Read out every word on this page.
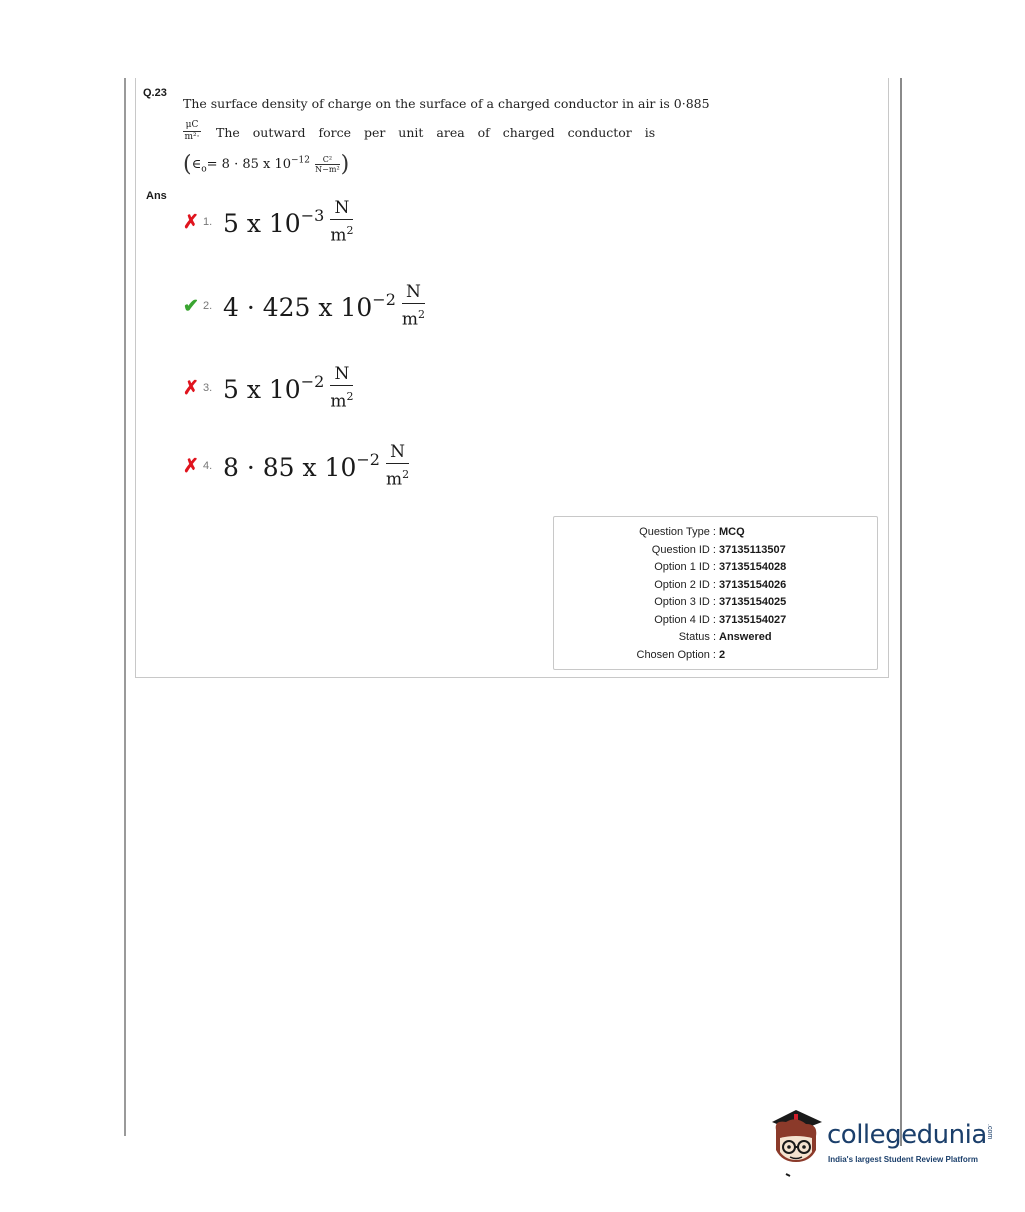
Q.23
Ans
The surface density of charge on the surface of a charged conductor in air is 0·885
μC
m²· The outward force per unit area of charged conductor is
($\in_o= 8 \cdot 85$ x $10^{-12} \frac{\text{C²}}{\text{N−m²}}$ )
✗ 1. 5 x $10^{-3} \frac{N}{m^2}$
✔ 2. 4 · 425 x $10^{-2} \frac{N}{m^2}$
✗ 3. 5 x $10^{-2} \frac{N}{m^2}$
✗ 4. 8 · 85 x $10^{-2} \frac{N}{m^2}$
Question Type : MCQ
Question ID : 37135113507
Option 1 ID : 37135154028
Option 2 ID : 37135154026
Option 3 ID : 37135154025
Option 4 ID : 37135154027
Status : Answered
Chosen Option : 2
collegedunia .com
India's largest Student Review Platform
